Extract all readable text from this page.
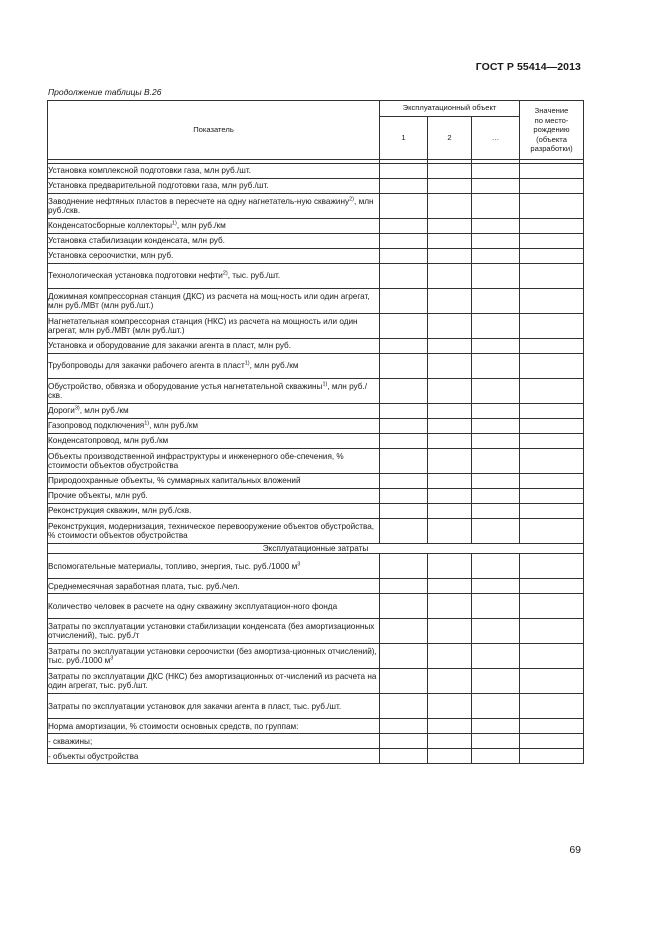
ГОСТ Р 55414—2013
Продолжение таблицы В.26
Показатель	Эксплуатационный объект			Значение
по место-
рождению
(объекта
разработки)

	1	2	…	

Установка комплексной подготовки газа, млн руб./шт.				
Установка предварительной подготовки газа, млн руб./шт.				
Заводнение нефтяных пластов в пересчете на одну нагнетатель-ную скважину$^{2)}$, млн руб./скв.				
Конденсатосборные коллекторы$^{1)}$, млн руб./км				
Установка стабилизации конденсата, млн руб.				
Установка сероочистки, млн руб.				
Технологическая установка подготовки нефти$^{2)}$, тыс. руб./шт.				
Дожимная компрессорная станция (ДКС) из расчета на мощ-ность или один агрегат, млн руб./МВт (млн руб./шт.)				
Нагнетательная компрессорная станция (НКС) из расчета на мощность или один агрегат, млн руб./МВт (млн руб./шт.)				
Установка и оборудование для закачки агента в пласт, млн руб.				
Трубопроводы для закачки рабочего агента в пласт$^{1)}$, млн руб./км				
Обустройство, обвязка и оборудование устья нагнетательной скважины$^{1)}$, млн руб./скв.				
Дороги$^{3)}$, млн руб./км				
Газопровод подключения$^{1)}$, млн руб./км				
Конденсатопровод, млн руб./км				
Объекты производственной инфраструктуры и инженерного обе-спечения, % стоимости объектов обустройства				
Природоохранные объекты, % суммарных капитальных вложений				
Прочие объекты, млн руб.				
Реконструкция скважин, млн руб./скв.				
Реконструкция, модернизация, техническое перевооружение объектов обустройства, % стоимости объектов обустройства				
Эксплуатационные затраты				
Вспомогательные материалы, топливо, энергия, тыс. руб./1000 $м^3$				
Среднемесячная заработная плата, тыс. руб./чел.				
Количество человек в расчете на одну скважину эксплуатацион-ного фонда				
Затраты по эксплуатации установки стабилизации конденсата (без амортизационных отчислений), тыс. руб./т				
Затраты по эксплуатации установки сероочистки (без амортиза-ционных отчислений), тыс. руб./1000 $м^3$				
Затраты по эксплуатации ДКС (НКС) без амортизационных от-числений из расчета на один агрегат, тыс. руб./шт.				
Затраты по эксплуатации установок для закачки агента в пласт, тыс. руб./шт.				
Норма амортизации, % стоимости основных средств, по группам:				
- скважины;				
- объекты обустройства				
69
